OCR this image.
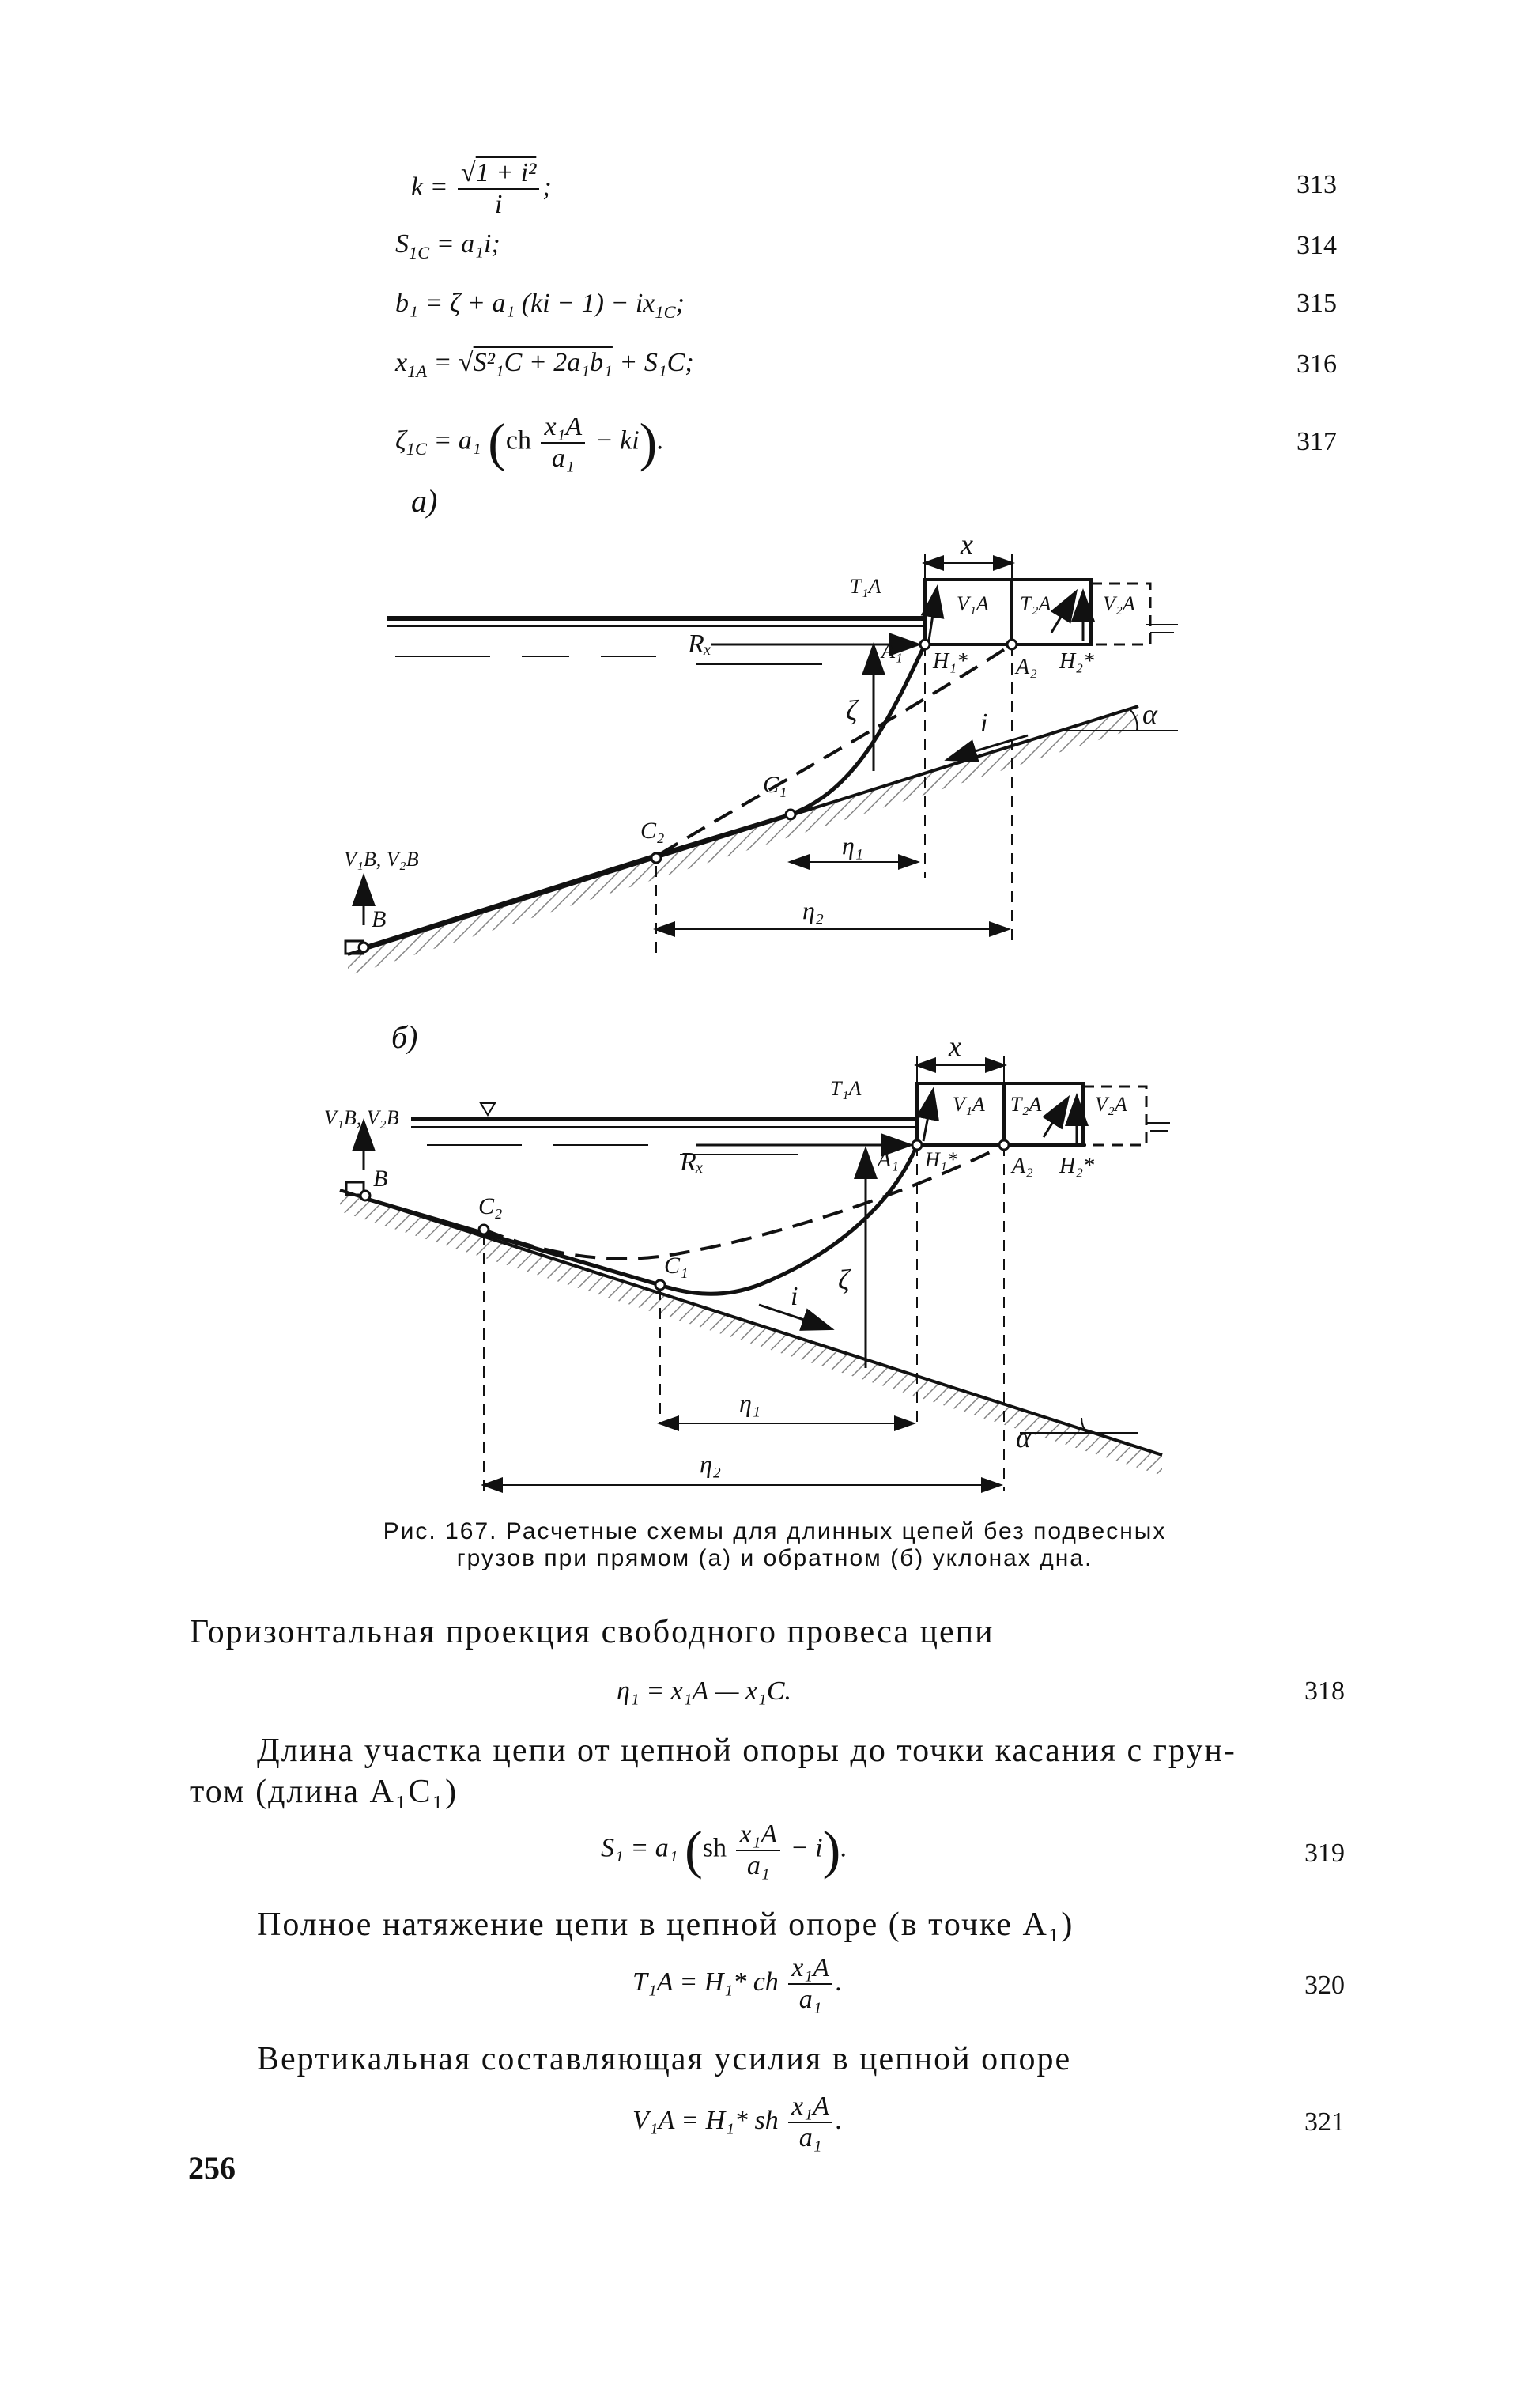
$k = \frac{\text{√1 + i²}}{i}$ ;	313
$S_{1C} = a_1i$;	314
b₁ = ζ + a₁ $(ki - 1) - ix_{1C}$;	315
$x_{1A} = √S^2_1C + 2a_1b_1 + S_1C$;	316
$\zeta_{1C} = a_1$ $(ch \frac{\text{x₁A}}{\text{a₁}} - ki)$.	317
а)
x
T₁A
V₁A T₂A	V₂A
Rₓ	A₁ H₁* A₂ H₂*
ζ	i	α
C₁
C₂
η₁
η₂
V₁B, V₂B
B
б)	x
T₁A
V₁A T₂A	V₂A
Rₓ	A₁ H₁* A₂ H₂*
ζ
i
α
C₁
C₂
η₁
η₂
V₁B, V₂B
B
Рис. 167. Расчетные схемы для длинных цепей без подвесных
грузов при прямом (а) и обратном (б) уклонах дна.
Горизонтальная проекция свободного провеса цепи
η₁ = x₁A — x₁C.	318
Длина участка цепи от цепной опоры до точки касания с грун-
том (длина A₁C₁)
S₁ = a₁ $(sh \frac{\text{x₁A}}{\text{a₁}} - i)$.	319
Полное натяжение цепи в цепной опоре (в точке A₁)
T₁A = H₁* ch $\frac{\text{x₁A}}{\text{a₁}}$ .	320
Вертикальная составляющая усилия в цепной опоре
V₁A = H₁* sh $\frac{\text{x₁A}}{\text{a₁}}$ .	321
256
